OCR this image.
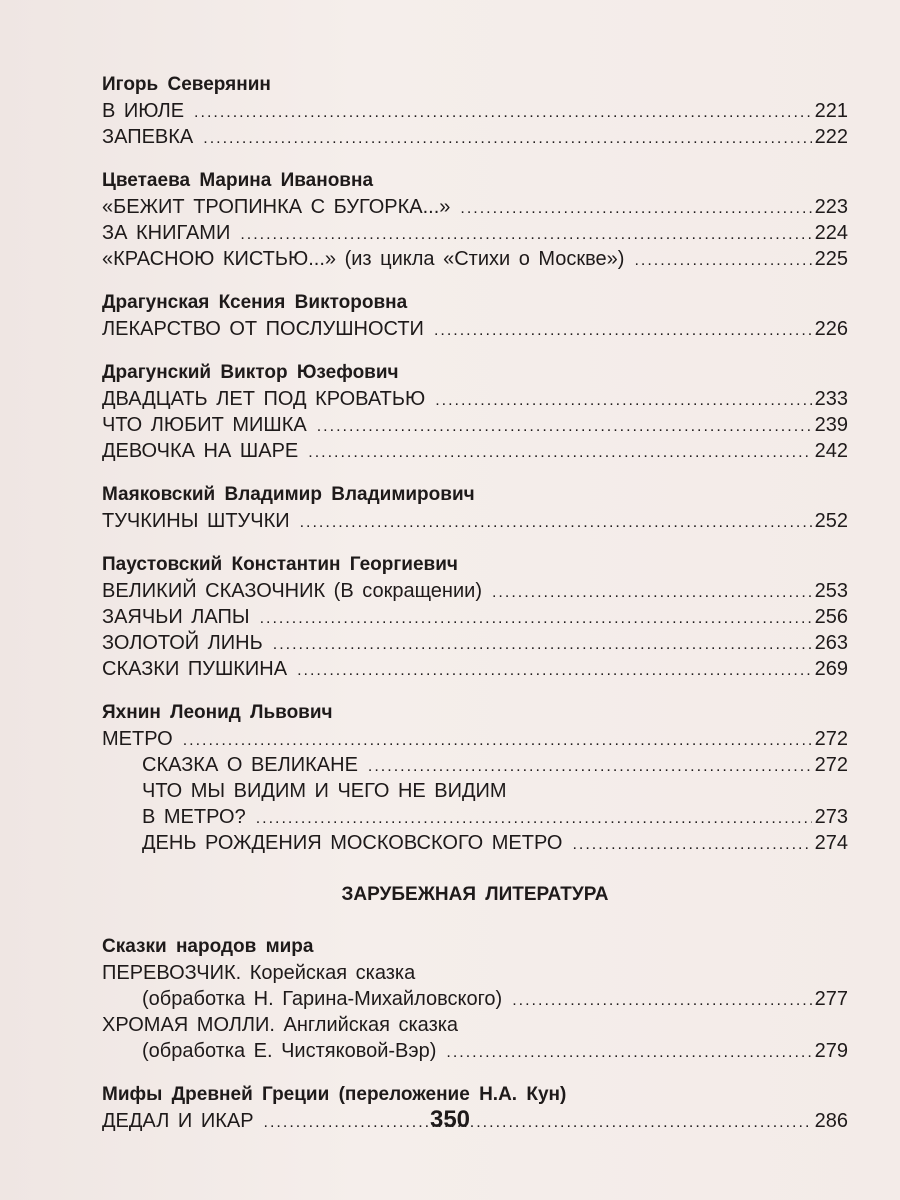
Игорь Северянин
В ИЮЛЕ .....	221
ЗАПЕВКА .....	222
Цветаева Марина Ивановна
«БЕЖИТ ТРОПИНКА С БУГОРКА...» .....	223
ЗА КНИГАМИ .....	224
«КРАСНОЮ КИСТЬЮ...» (из цикла «Стихи о Москве») .....	225
Драгунская Ксения Викторовна
ЛЕКАРСТВО ОТ ПОСЛУШНОСТИ .....	226
Драгунский Виктор Юзефович
ДВАДЦАТЬ ЛЕТ ПОД КРОВАТЬЮ .....	233
ЧТО ЛЮБИТ МИШКА .....	239
ДЕВОЧКА НА ШАРЕ .....	242
Маяковский Владимир Владимирович
ТУЧКИНЫ ШТУЧКИ .....	252
Паустовский Константин Георгиевич
ВЕЛИКИЙ СКАЗОЧНИК (В сокращении) .....	253
ЗАЯЧЬИ ЛАПЫ .....	256
ЗОЛОТОЙ ЛИНЬ .....	263
СКАЗКИ ПУШКИНА .....	269
Яхнин Леонид Львович
МЕТРО .....	272
СКАЗКА О ВЕЛИКАНЕ .....	272
ЧТО МЫ ВИДИМ И ЧЕГО НЕ ВИДИМ
В МЕТРО? .....	273
ДЕНЬ РОЖДЕНИЯ МОСКОВСКОГО МЕТРО .....	274
ЗАРУБЕЖНАЯ ЛИТЕРАТУРА
Сказки народов мира
ПЕРЕВОЗЧИК. Корейская сказка
(обработка Н. Гарина-Михайловского) .....	277
ХРОМАЯ МОЛЛИ. Английская сказка
(обработка Е. Чистяковой-Вэр) .....	279
Мифы Древней Греции (переложение Н.А. Кун)
ДЕДАЛ И ИКАР .....	286
350
